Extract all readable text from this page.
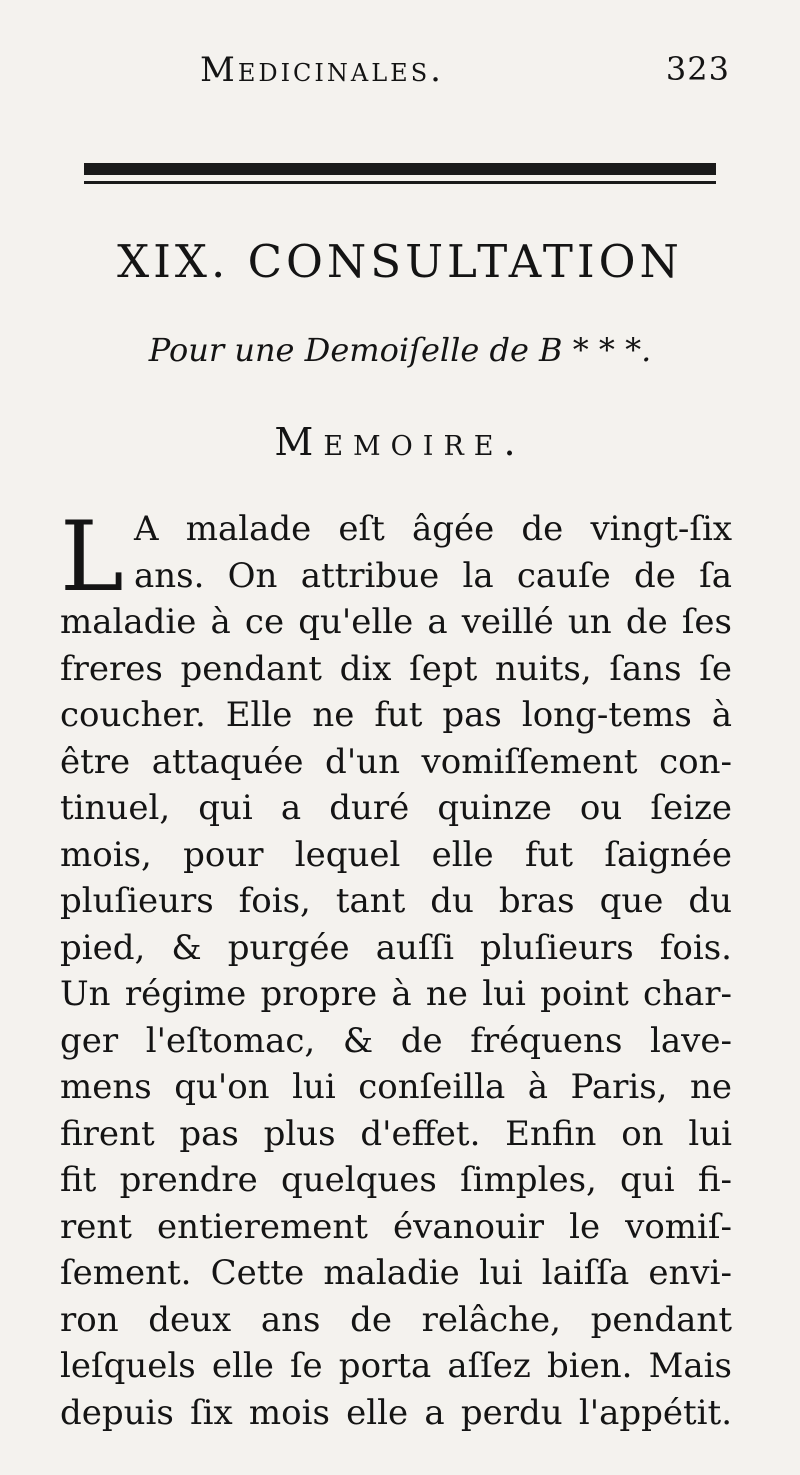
Medicinales.	323
XIX. CONSULTATION
Pour une Demoiſelle de B * * *.
Memoire.
L A malade eſt âgée de vingt-ſix
ans. On attribue la cauſe de ſa
maladie à ce qu'elle a veillé un de ſes
freres pendant dix ſept nuits, ſans ſe
coucher. Elle ne fut pas long-tems à
être attaquée d'un vomiſſement con-
tinuel, qui a duré quinze ou ſeize
mois, pour lequel elle fut ſaignée
pluſieurs fois, tant du bras que du
pied, & purgée auſſi pluſieurs fois.
Un régime propre à ne lui point char-
ger l'eſtomac, & de fréquens lave-
mens qu'on lui conſeilla à Paris, ne
firent pas plus d'effet. Enfin on lui
fit prendre quelques ſimples, qui fi-
rent entierement évanouir le vomiſ-
ſement. Cette maladie lui laiſſa envi-
ron deux ans de relâche, pendant
leſquels elle ſe porta aſſez bien. Mais
depuis ſix mois elle a perdu l'appétit.
